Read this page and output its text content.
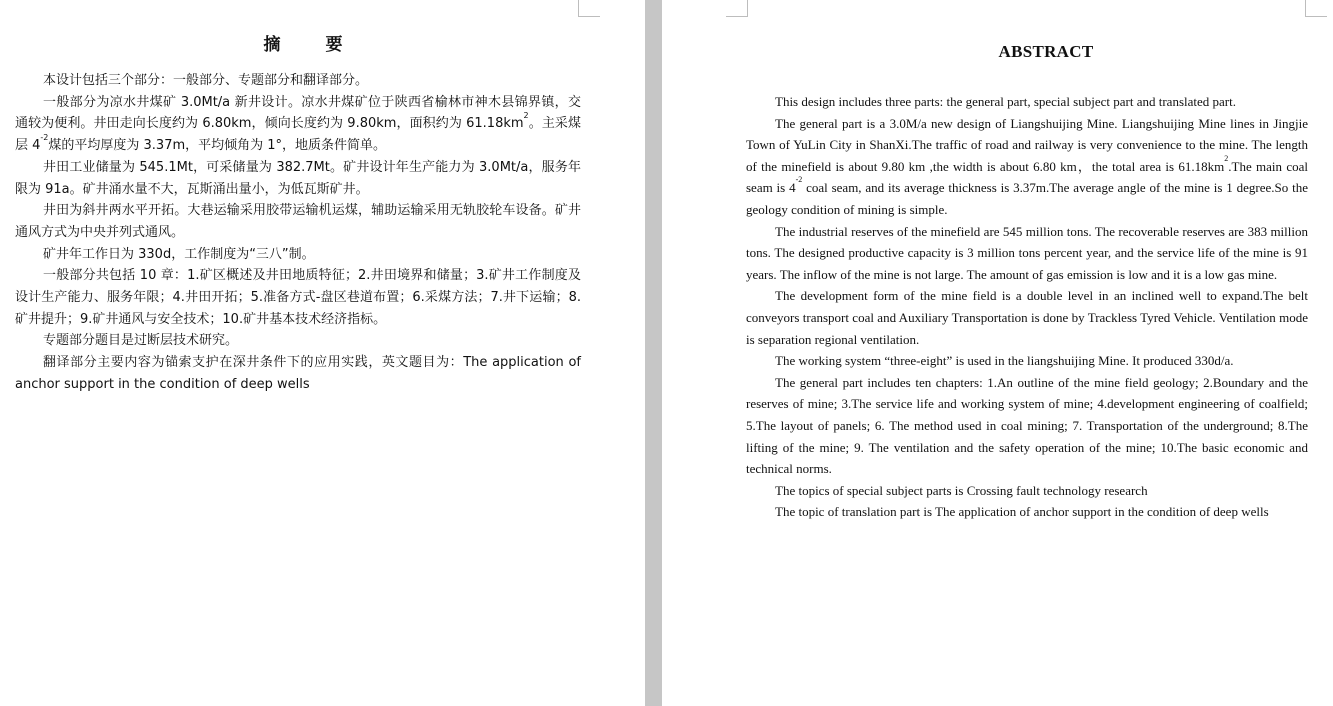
摘　要

本设计包括三个部分：一般部分、专题部分和翻译部分。

一般部分为凉水井煤矿 3.0Mt/a 新井设计。凉水井煤矿位于陕西省榆林市神木县锦界镇，交通较为便利。井田走向长度约为 6.80km，倾向长度约为 9.80km，面积约为 $61.18km^2$。主采煤层 $4^{-2}$煤的平均厚度为 3.37m，平均倾角为 1°，地质条件简单。

井田工业储量为 545.1Mt，可采储量为 382.7Mt。矿井设计年生产能力为 3.0Mt/a，服务年限为 91a。矿井涌水量不大，瓦斯涌出量小，为低瓦斯矿井。

井田为斜井两水平开拓。大巷运输采用胶带运输机运煤，辅助运输采用无轨胶轮车设备。矿井通风方式为中央并列式通风。

矿井年工作日为 330d，工作制度为“三八”制。

一般部分共包括 10 章：1.矿区概述及井田地质特征；2.井田境界和储量；3.矿井工作制度及设计生产能力、服务年限；4.井田开拓；5.准备方式-盘区巷道布置；6.采煤方法；7.井下运输；8.矿井提升；9.矿井通风与安全技术；10.矿井基本技术经济指标。

专题部分题目是过断层技术研究。

翻译部分主要内容为锚索支护在深井条件下的应用实践，英文题目为：The application of anchor support in the condition of deep wells

ABSTRACT

This design includes three parts: the general part, special subject part and translated part.

The general part is a 3.0M/a new design of Liangshuijing Mine. Liangshuijing Mine lines in Jingjie Town of YuLin City in ShanXi.The traffic of road and railway is very convenience to the mine. The length of the minefield is about 9.80 km ,the width is about 6.80 km，the total area is $61.18km^2.The$ main coal seam is $4^{-2}$ coal seam, and its average thickness is 3.37m.The average angle of the mine is 1 degree.So the geology condition of mining is simple.

The industrial reserves of the minefield are 545 million tons. The recoverable reserves are 383 million tons. The designed productive capacity is 3 million tons percent year, and the service life of the mine is 91 years. The inflow of the mine is not large. The amount of gas emission is low and it is a low gas mine.

The development form of the mine field is a double level in an inclined well to expand.The belt conveyors transport coal and Auxiliary Transportation is done by Trackless Tyred Vehicle. Ventilation mode is separation regional ventilation.

The working system “three-eight” is used in the liangshuijing Mine. It produced 330d/a.

The general part includes ten chapters: 1.An outline of the mine field geology; 2.Boundary and the reserves of mine; 3.The service life and working system of mine; 4.development engineering of coalfield; 5.The layout of panels; 6. The method used in coal mining; 7. Transportation of the underground; 8.The lifting of the mine; 9. The ventilation and the safety operation of the mine; 10.The basic economic and technical norms.

The topics of special subject parts is Crossing fault technology research

The topic of translation part is The application of anchor support in the condition of deep wells
